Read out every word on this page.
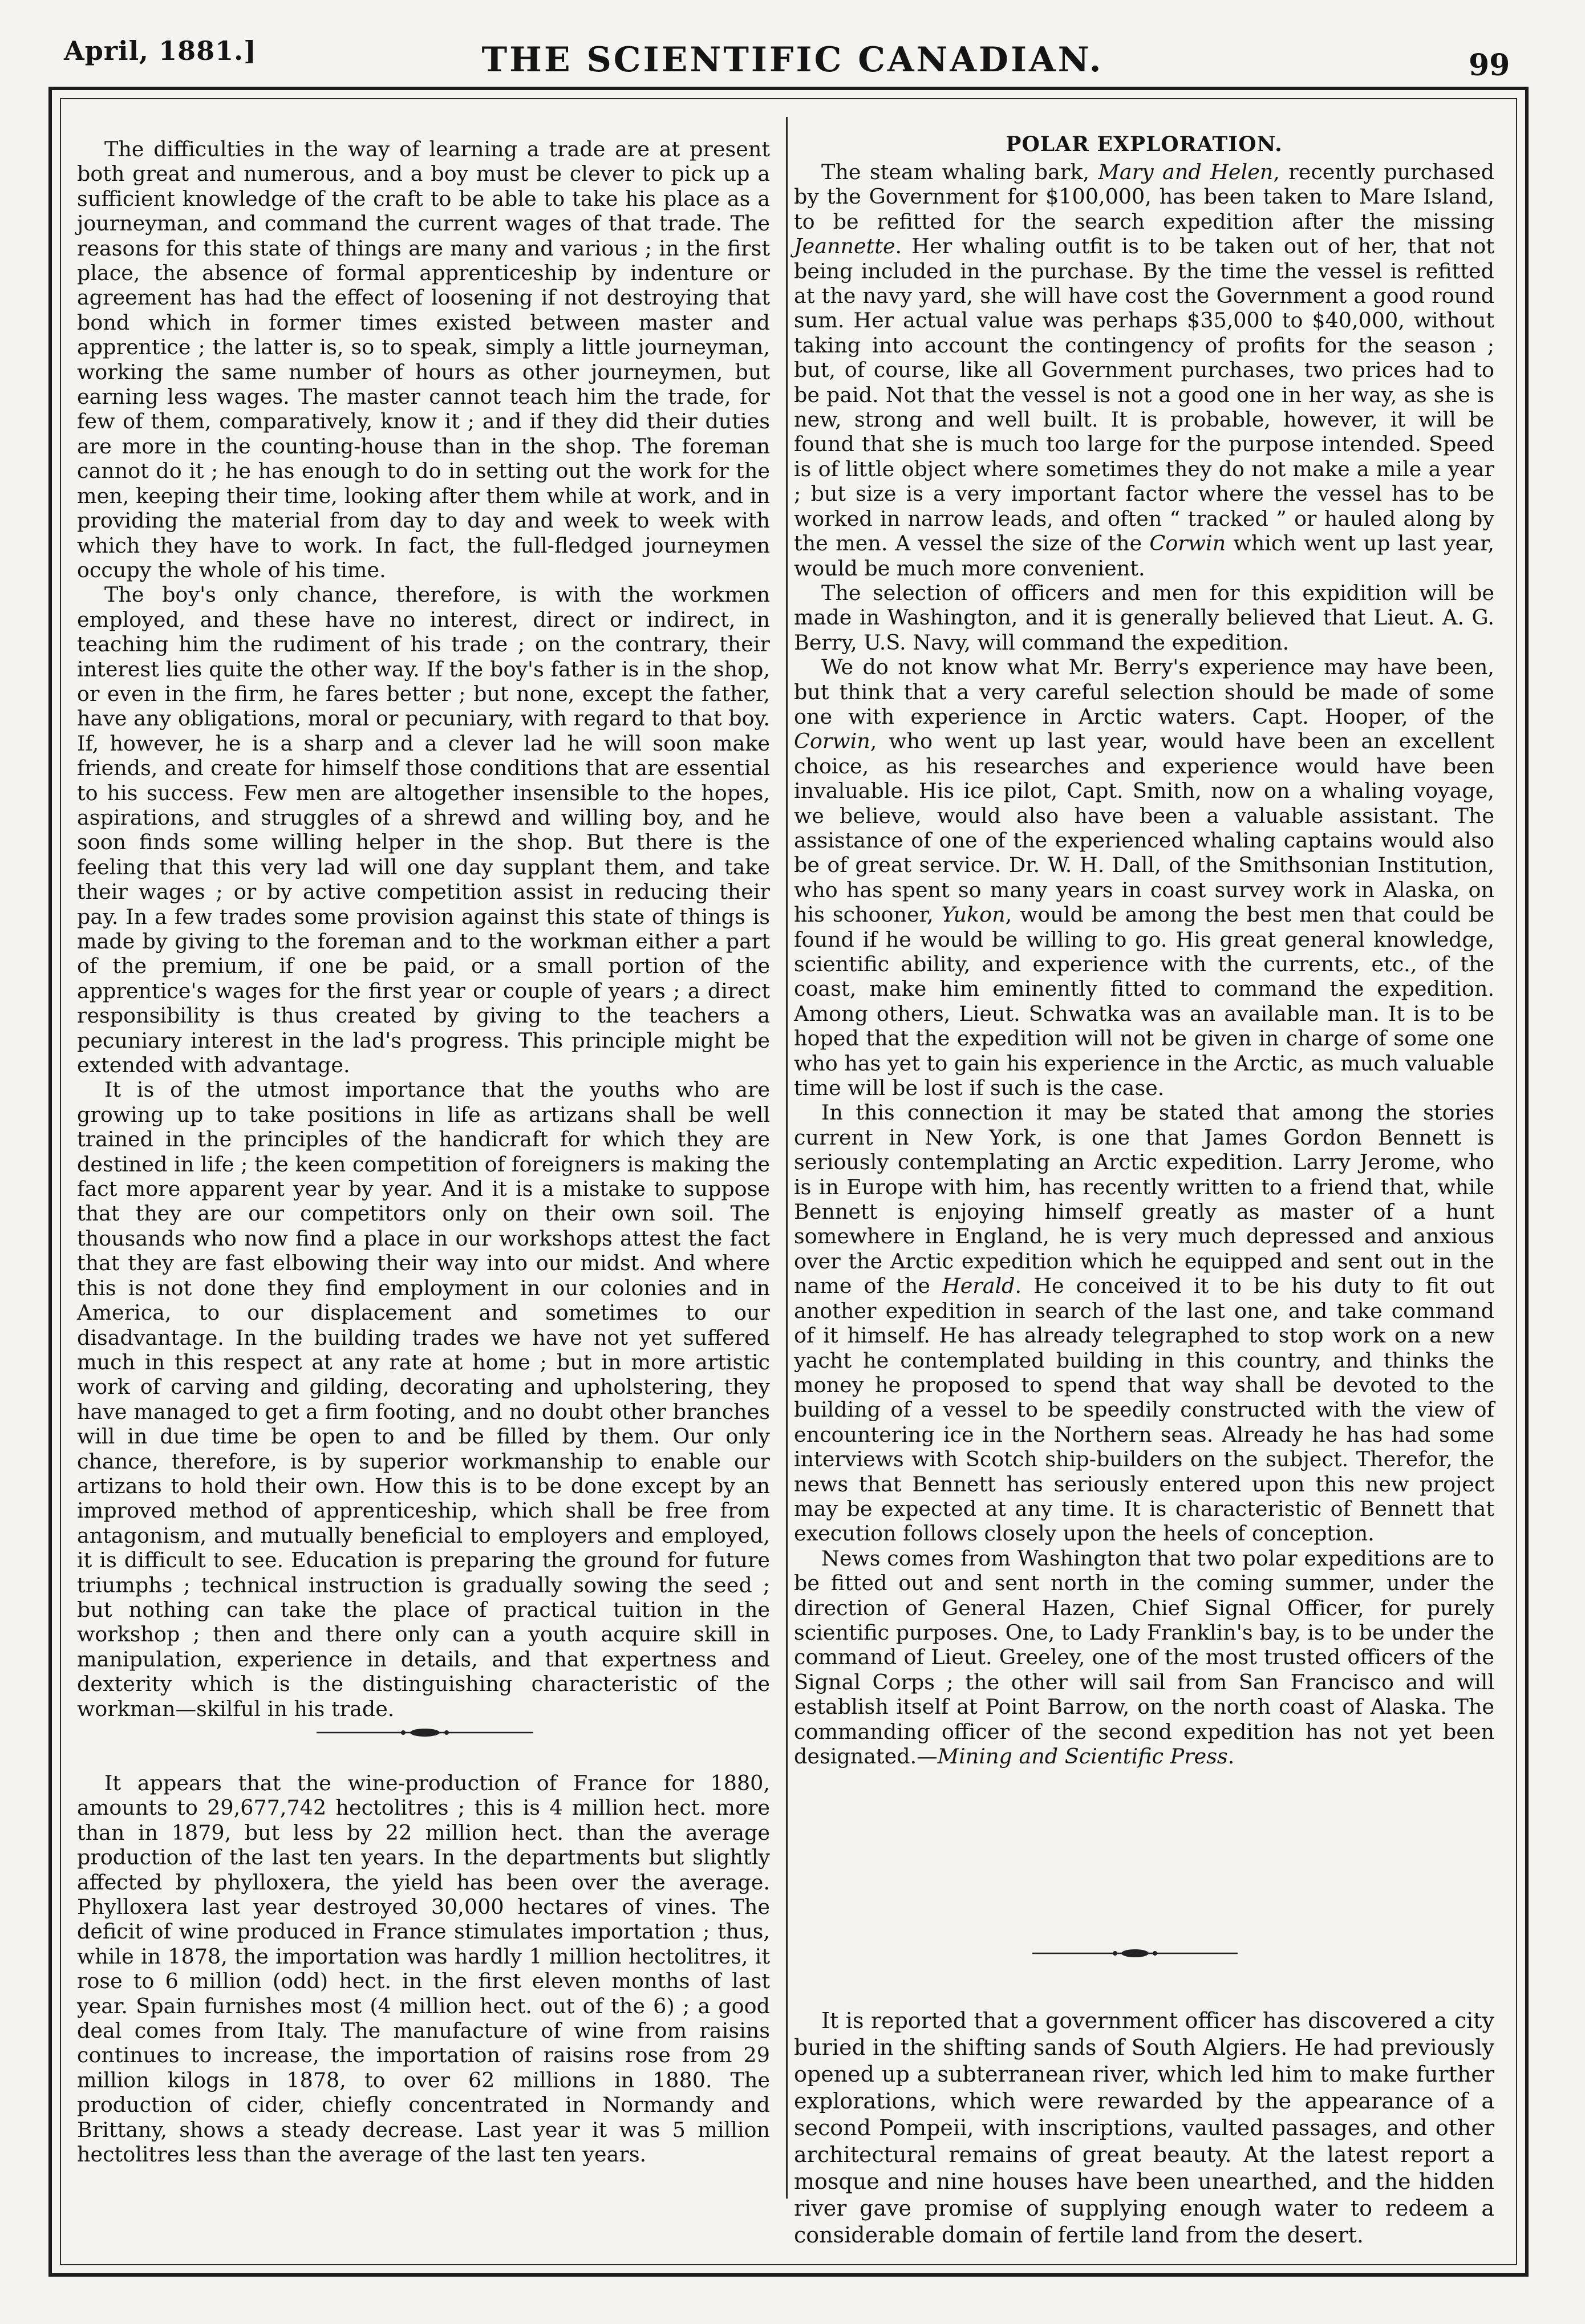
April, 1881.]	THE SCIENTIFIC CANADIAN.	99

The difficulties in the way of learning a trade are at present both great and numerous, and a boy must be clever to pick up a sufficient knowledge of the craft to be able to take his place as a journeyman, and command the current wages of that trade. The reasons for this state of things are many and various ; in the first place, the absence of formal apprenticeship by indenture or agreement has had the effect of loosening if not destroying that bond which in former times existed between master and apprentice ; the latter is, so to speak, simply a little journeyman, working the same number of hours as other journeymen, but earning less wages. The master cannot teach him the trade, for few of them, comparatively, know it ; and if they did their duties are more in the counting-house than in the shop. The foreman cannot do it ; he has enough to do in setting out the work for the men, keeping their time, looking after them while at work, and in providing the material from day to day and week to week with which they have to work. In fact, the full-fledged journeymen occupy the whole of his time.

The boy's only chance, therefore, is with the workmen employed, and these have no interest, direct or indirect, in teaching him the rudiment of his trade ; on the contrary, their interest lies quite the other way. If the boy's father is in the shop, or even in the firm, he fares better ; but none, except the father, have any obligations, moral or pecuniary, with regard to that boy. If, however, he is a sharp and a clever lad he will soon make friends, and create for himself those conditions that are essential to his success. Few men are altogether insensible to the hopes, aspirations, and struggles of a shrewd and willing boy, and he soon finds some willing helper in the shop. But there is the feeling that this very lad will one day supplant them, and take their wages ; or by active competition assist in reducing their pay. In a few trades some provision against this state of things is made by giving to the foreman and to the workman either a part of the premium, if one be paid, or a small portion of the apprentice's wages for the first year or couple of years ; a direct responsibility is thus created by giving to the teachers a pecuniary interest in the lad's progress. This principle might be extended with advantage.

It is of the utmost importance that the youths who are growing up to take positions in life as artizans shall be well trained in the principles of the handicraft for which they are destined in life ; the keen competition of foreigners is making the fact more apparent year by year. And it is a mistake to suppose that they are our competitors only on their own soil. The thousands who now find a place in our workshops attest the fact that they are fast elbowing their way into our midst. And where this is not done they find employment in our colonies and in America, to our displacement and sometimes to our disadvantage. In the building trades we have not yet suffered much in this respect at any rate at home ; but in more artistic work of carving and gilding, decorating and upholstering, they have managed to get a firm footing, and no doubt other branches will in due time be open to and be filled by them. Our only chance, therefore, is by superior workmanship to enable our artizans to hold their own. How this is to be done except by an improved method of apprenticeship, which shall be free from antagonism, and mutually beneficial to employers and employed, it is difficult to see. Education is preparing the ground for future triumphs ; technical instruction is gradually sowing the seed ; but nothing can take the place of practical tuition in the workshop ; then and there only can a youth acquire skill in manipulation, experience in details, and that expertness and dexterity which is the distinguishing characteristic of the workman—skilful in his trade.

It appears that the wine-production of France for 1880, amounts to 29,677,742 hectolitres ; this is 4 million hect. more than in 1879, but less by 22 million hect. than the average production of the last ten years. In the departments but slightly affected by phylloxera, the yield has been over the average. Phylloxera last year destroyed 30,000 hectares of vines. The deficit of wine produced in France stimulates importation ; thus, while in 1878, the importation was hardly 1 million hectolitres, it rose to 6 million (odd) hect. in the first eleven months of last year. Spain furnishes most (4 million hect. out of the 6) ; a good deal comes from Italy. The manufacture of wine from raisins continues to increase, the importation of raisins rose from 29 million kilogs in 1878, to over 62 millions in 1880. The production of cider, chiefly concentrated in Normandy and Brittany, shows a steady decrease. Last year it was 5 million hectolitres less than the average of the last ten years.

POLAR EXPLORATION.

The steam whaling bark, Mary and Helen, recently purchased by the Government for $100,000, has been taken to Mare Island, to be refitted for the search expedition after the missing Jeannette. Her whaling outfit is to be taken out of her, that not being included in the purchase. By the time the vessel is refitted at the navy yard, she will have cost the Government a good round sum. Her actual value was perhaps $35,000 to $40,000, without taking into account the contingency of profits for the season ; but, of course, like all Government purchases, two prices had to be paid. Not that the vessel is not a good one in her way, as she is new, strong and well built. It is probable, however, it will be found that she is much too large for the purpose intended. Speed is of little object where sometimes they do not make a mile a year ; but size is a very important factor where the vessel has to be worked in narrow leads, and often “ tracked ” or hauled along by the men. A vessel the size of the Corwin which went up last year, would be much more convenient.

The selection of officers and men for this expidition will be made in Washington, and it is generally believed that Lieut. A. G. Berry, U.S. Navy, will command the expedition.

We do not know what Mr. Berry's experience may have been, but think that a very careful selection should be made of some one with experience in Arctic waters. Capt. Hooper, of the Corwin, who went up last year, would have been an excellent choice, as his researches and experience would have been invaluable. His ice pilot, Capt. Smith, now on a whaling voyage, we believe, would also have been a valuable assistant. The assistance of one of the experienced whaling captains would also be of great service. Dr. W. H. Dall, of the Smithsonian Institution, who has spent so many years in coast survey work in Alaska, on his schooner, Yukon, would be among the best men that could be found if he would be willing to go. His great general knowledge, scientific ability, and experience with the currents, etc., of the coast, make him eminently fitted to command the expedition. Among others, Lieut. Schwatka was an available man. It is to be hoped that the expedition will not be given in charge of some one who has yet to gain his experience in the Arctic, as much valuable time will be lost if such is the case.

In this connection it may be stated that among the stories current in New York, is one that James Gordon Bennett is seriously contemplating an Arctic expedition. Larry Jerome, who is in Europe with him, has recently written to a friend that, while Bennett is enjoying himself greatly as master of a hunt somewhere in England, he is very much depressed and anxious over the Arctic expedition which he equipped and sent out in the name of the Herald. He conceived it to be his duty to fit out another expedition in search of the last one, and take command of it himself. He has already telegraphed to stop work on a new yacht he contemplated building in this country, and thinks the money he proposed to spend that way shall be devoted to the building of a vessel to be speedily constructed with the view of encountering ice in the Northern seas. Already he has had some interviews with Scotch ship-builders on the subject. Therefor, the news that Bennett has seriously entered upon this new project may be expected at any time. It is characteristic of Bennett that execution follows closely upon the heels of conception.

News comes from Washington that two polar expeditions are to be fitted out and sent north in the coming summer, under the direction of General Hazen, Chief Signal Officer, for purely scientific purposes. One, to Lady Franklin's bay, is to be under the command of Lieut. Greeley, one of the most trusted officers of the Signal Corps ; the other will sail from San Francisco and will establish itself at Point Barrow, on the north coast of Alaska. The commanding officer of the second expedition has not yet been designated.—Mining and Scientific Press.

It is reported that a government officer has discovered a city buried in the shifting sands of South Algiers. He had previously opened up a subterranean river, which led him to make further explorations, which were rewarded by the appearance of a second Pompeii, with inscriptions, vaulted passages, and other architectural remains of great beauty. At the latest report a mosque and nine houses have been unearthed, and the hidden river gave promise of supplying enough water to redeem a considerable domain of fertile land from the desert.
